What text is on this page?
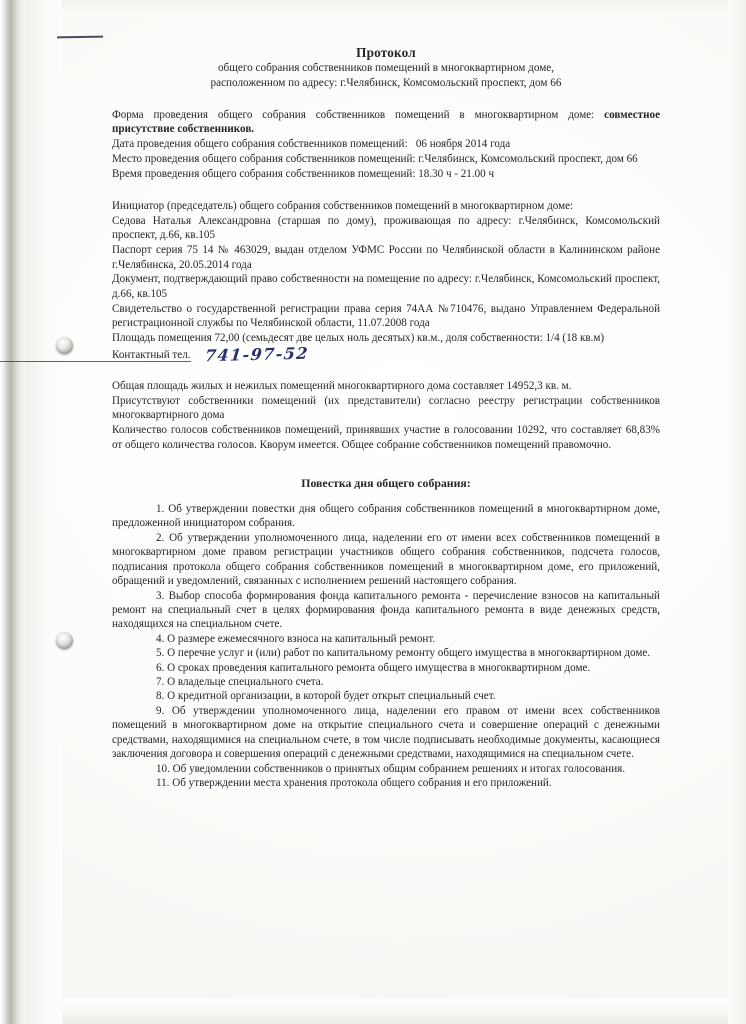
Протокол

общего собрания собственников помещений в многоквартирном доме,

расположенном по адресу: г.Челябинск, Комсомольский проспект, дом 66

Форма проведения общего собрания собственников помещений в многоквартирном доме: совместное присутствие собственников.

Дата проведения общего собрания собственников помещений: 06 ноября 2014 года

Место проведения общего собрания собственников помещений: г.Челябинск, Комсомольский проспект, дом 66

Время проведения общего собрания собственников помещений: 18.30 ч - 21.00 ч

Инициатор (председатель) общего собрания собственников помещений в многоквартирном доме:

Седова Наталья Александровна (старшая по дому), проживающая по адресу: г.Челябинск, Комсомольский проспект, д.66, кв.105

Паспорт серия 75 14 № 463029, выдан отделом УФМС России по Челябинской области в Калининском районе г.Челябинска, 20.05.2014 года

Документ, подтверждающий право собственности на помещение по адресу: г.Челябинск, Комсомольский проспект, д.66, кв.105

Свидетельство о государственной регистрации права серия 74АА №710476, выдано Управлением Федеральной регистрационной службы по Челябинской области, 11.07.2008 года

Площадь помещения 72,00 (семьдесят две целых ноль десятых) кв.м., доля собственности: 1/4 (18 кв.м)

Контактный тел. 741-97-52

Общая площадь жилых и нежилых помещений многоквартирного дома составляет 14952,3 кв. м.

Присутствуют собственники помещений (их представители) согласно реестру регистрации собственников многоквартирного дома

Количество голосов собственников помещений, принявших участие в голосовании 10292, что составляет 68,83% от общего количества голосов. Кворум имеется. Общее собрание собственников помещений правомочно.

Повестка дня общего собрания:

1. Об утверждении повестки дня общего собрания собственников помещений в многоквартирном доме, предложенной инициатором собрания.

2. Об утверждении уполномоченного лица, наделении его от имени всех собственников помещений в многоквартирном доме правом регистрации участников общего собрания собственников, подсчета голосов, подписания протокола общего собрания собственников помещений в многоквартирном доме, его приложений, обращений и уведомлений, связанных с исполнением решений настоящего собрания.

3. Выбор способа формирования фонда капитального ремонта - перечисление взносов на капитальный ремонт на специальный счет в целях формирования фонда капитального ремонта в виде денежных средств, находящихся на специальном счете.

4. О размере ежемесячного взноса на капитальный ремонт.

5. О перечне услуг и (или) работ по капитальному ремонту общего имущества в многоквартирном доме.

6. О сроках проведения капитального ремонта общего имущества в многоквартирном доме.

7. О владельце специального счета.

8. О кредитной организации, в которой будет открыт специальный счет.

9. Об утверждении уполномоченного лица, наделении его правом от имени всех собственников помещений в многоквартирном доме на открытие специального счета и совершение операций с денежными средствами, находящимися на специальном счете, в том числе подписывать необходимые документы, касающиеся заключения договора и совершения операций с денежными средствами, находящимися на специальном счете.

10. Об уведомлении собственников о принятых общим собранием решениях и итогах голосования.

11. Об утверждении места хранения протокола общего собрания и его приложений.
